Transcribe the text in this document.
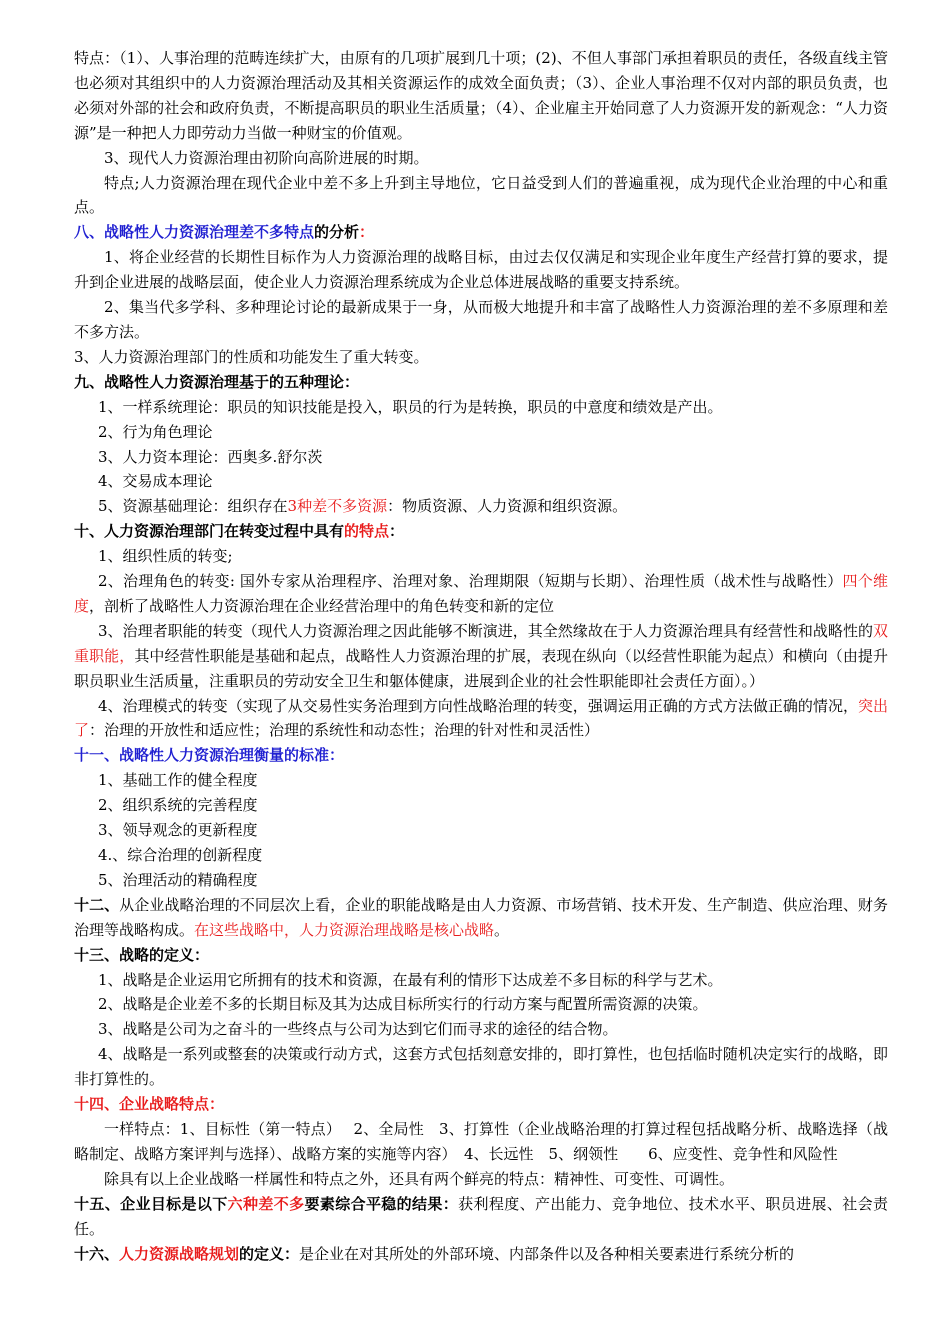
特点：（1）、人事治理的范畴连续扩大，由原有的几项扩展到几十项；(2)、不但人事部门承担着职员的责任，各级直线主管也必须对其组织中的人力资源治理活动及其相关资源运作的成效全面负责；（3）、企业人事治理不仅对内部的职员负责，也必须对外部的社会和政府负责，不断提高职员的职业生活质量；（4）、企业雇主开始同意了人力资源开发的新观念：“人力资源”是一种把人力即劳动力当做一种财宝的价值观。

3、现代人力资源治理由初阶向高阶进展的时期。

特点;人力资源治理在现代企业中差不多上升到主导地位，它日益受到人们的普遍重视，成为现代企业治理的中心和重点。

八、战略性人力资源治理差不多特点的分析：

1、将企业经营的长期性目标作为人力资源治理的战略目标，由过去仅仅满足和实现企业年度生产经营打算的要求，提升到企业进展的战略层面，使企业人力资源治理系统成为企业总体进展战略的重要支持系统。

2、集当代多学科、多种理论讨论的最新成果于一身，从而极大地提升和丰富了战略性人力资源治理的差不多原理和差不多方法。

3、人力资源治理部门的性质和功能发生了重大转变。

九、战略性人力资源治理基于的五种理论：

1、一样系统理论：职员的知识技能是投入，职员的行为是转换，职员的中意度和绩效是产出。

2、行为角色理论

3、人力资本理论：西奥多.舒尔茨

4、交易成本理论

5、资源基础理论：组织存在3种差不多资源：物质资源、人力资源和组织资源。

十、人力资源治理部门在转变过程中具有的特点：

1、组织性质的转变;

2、治理角色的转变: 国外专家从治理程序、治理对象、治理期限（短期与长期）、治理性质（战术性与战略性）四个维度，剖析了战略性人力资源治理在企业经营治理中的角色转变和新的定位

3、治理者职能的转变（现代人力资源治理之因此能够不断演进，其全然缘故在于人力资源治理具有经营性和战略性的双重职能，其中经营性职能是基础和起点，战略性人力资源治理的扩展，表现在纵向（以经营性职能为起点）和横向（由提升职员职业生活质量，注重职员的劳动安全卫生和躯体健康，进展到企业的社会性职能即社会责任方面）。）

4、治理模式的转变（实现了从交易性实务治理到方向性战略治理的转变，强调运用正确的方式方法做正确的情况，突出了：治理的开放性和适应性；治理的系统性和动态性；治理的针对性和灵活性）

十一、战略性人力资源治理衡量的标准：

1、基础工作的健全程度

2、组织系统的完善程度

3、领导观念的更新程度

4.、综合治理的创新程度

5、治理活动的精确程度

十二、从企业战略治理的不同层次上看，企业的职能战略是由人力资源、市场营销、技术开发、生产制造、供应治理、财务治理等战略构成。在这些战略中，人力资源治理战略是核心战略。

十三、战略的定义：

1、战略是企业运用它所拥有的技术和资源，在最有利的情形下达成差不多目标的科学与艺术。

2、战略是企业差不多的长期目标及其为达成目标所实行的行动方案与配置所需资源的决策。

3、战略是公司为之奋斗的一些终点与公司为达到它们而寻求的途径的结合物。

4、战略是一系列或整套的决策或行动方式，这套方式包括刻意安排的，即打算性，也包括临时随机决定实行的战略，即非打算性的。

十四、企业战略特点：

一样特点：1、目标性（第一特点）　 2、全局性　3、打算性（企业战略治理的打算过程包括战略分析、战略选择（战略制定、战略方案评判与选择）、战略方案的实施等内容）　4、长远性　5、纲领性　　6、应变性、竞争性和风险性

除具有以上企业战略一样属性和特点之外，还具有两个鲜亮的特点：精神性、可变性、可调性。

十五、企业目标是以下六种差不多要素综合平稳的结果：获利程度、产出能力、竞争地位、技术水平、职员进展、社会责任。

十六、人力资源战略规划的定义：是企业在对其所处的外部环境、内部条件以及各种相关要素进行系统分析的
